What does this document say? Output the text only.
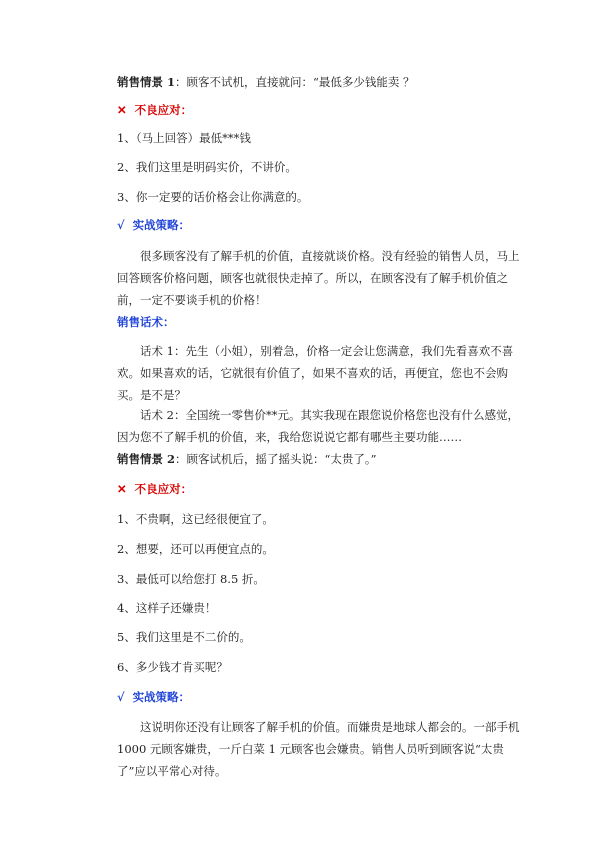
销售情景 1：顾客不试机，直接就问：“最低多少钱能卖 ？
✕ 不良应对：
1、（马上回答）最低***钱
2、我们这里是明码实价，不讲价。
3、你一定要的话价格会让你满意的。
√ 实战策略：
很多顾客没有了解手机的价值，直接就谈价格。没有经验的销售人员，马上回答顾客价格问题，顾客也就很快走掉了。所以，在顾客没有了解手机价值之前，一定不要谈手机的价格！
销售话术：
话术 1：先生（小姐），别着急，价格一定会让您满意，我们先看喜欢不喜欢。如果喜欢的话，它就很有价值了，如果不喜欢的话，再便宜，您也不会购买。是不是？
话术 2：全国统一零售价**元。其实我现在跟您说价格您也没有什么感觉，因为您不了解手机的价值，来，我给您说说它都有哪些主要功能……
销售情景 2：顾客试机后，摇了摇头说：“太贵了。”
✕ 不良应对：
1、不贵啊，这已经很便宜了。
2、想要，还可以再便宜点的。
3、最低可以给您打 8.5 折。
4、这样子还嫌贵！
5、我们这里是不二价的。
6、多少钱才肯买呢？
√ 实战策略：
这说明你还没有让顾客了解手机的价值。而嫌贵是地球人都会的。一部手机 1000 元顾客嫌贵，一斤白菜 1 元顾客也会嫌贵。销售人员听到顾客说“太贵了”应以平常心对待。
